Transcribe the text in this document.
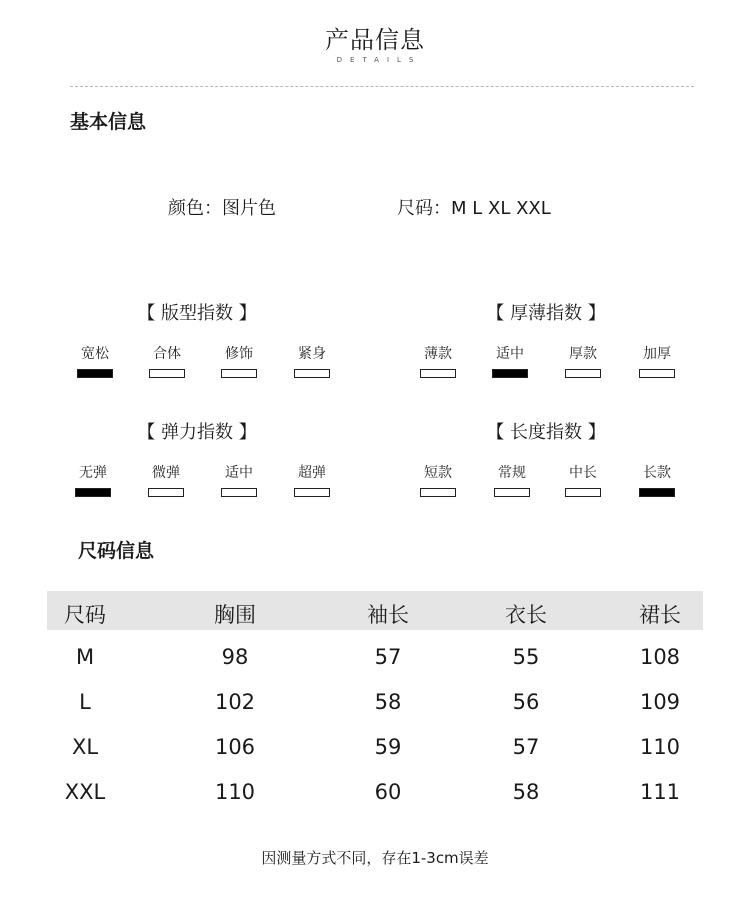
产品信息
DETAILS
基本信息
颜色：图片色	尺码：M L XL XXL
【 版型指数 】
宽松	合体	修饰	紧身
【 厚薄指数 】
薄款	适中	厚款	加厚
【 弹力指数 】
无弹	微弹	适中	超弹
【 长度指数 】
短款	常规	中长	长款
尺码信息
尺码	胸围	袖长	衣长	裙长
M	98	57	55	108
L	102	58	56	109
XL	106	59	57	110
XXL	110	60	58	111
因测量方式不同，存在1-3cm误差
